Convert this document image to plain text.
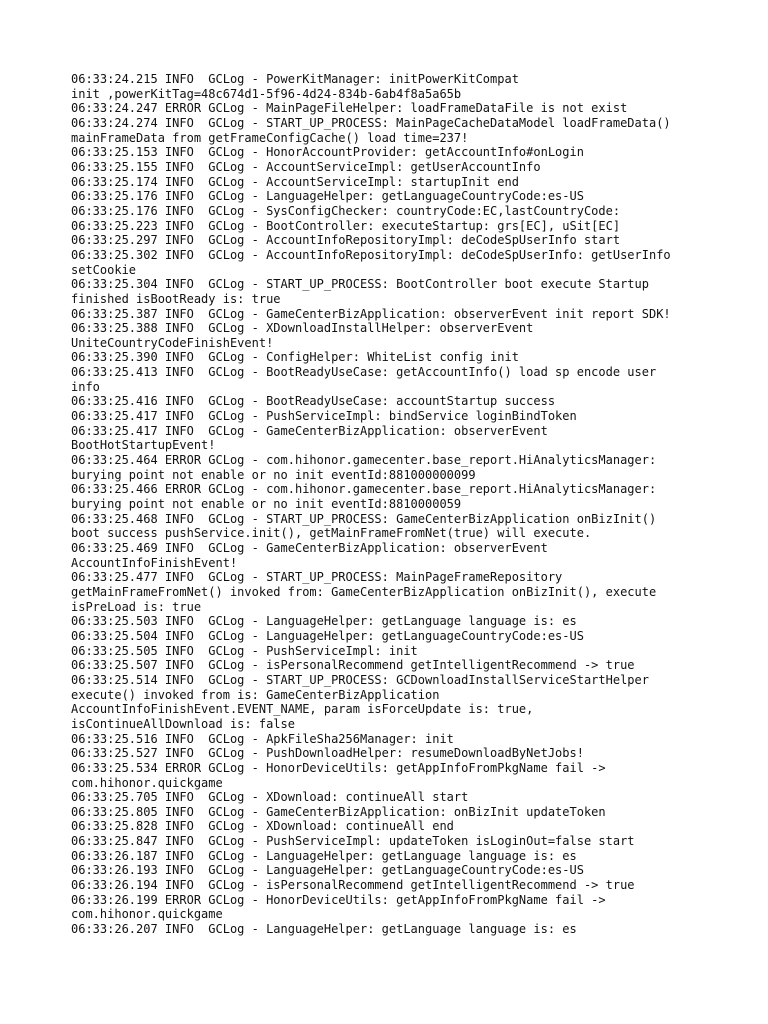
06:33:24.215 INFO  GCLog - PowerKitManager: initPowerKitCompat
init ,powerKitTag=48c674d1-5f96-4d24-834b-6ab4f8a5a65b
06:33:24.247 ERROR GCLog - MainPageFileHelper: loadFrameDataFile is not exist
06:33:24.274 INFO  GCLog - START_UP_PROCESS: MainPageCacheDataModel loadFrameData()
mainFrameData from getFrameConfigCache() load time=237!
06:33:25.153 INFO  GCLog - HonorAccountProvider: getAccountInfo#onLogin
06:33:25.155 INFO  GCLog - AccountServiceImpl: getUserAccountInfo
06:33:25.174 INFO  GCLog - AccountServiceImpl: startupInit end
06:33:25.176 INFO  GCLog - LanguageHelper: getLanguageCountryCode:es-US
06:33:25.176 INFO  GCLog - SysConfigChecker: countryCode:EC,lastCountryCode:
06:33:25.223 INFO  GCLog - BootController: executeStartup: grs[EC], uSit[EC]
06:33:25.297 INFO  GCLog - AccountInfoRepositoryImpl: deCodeSpUserInfo start
06:33:25.302 INFO  GCLog - AccountInfoRepositoryImpl: deCodeSpUserInfo: getUserInfo
setCookie
06:33:25.304 INFO  GCLog - START_UP_PROCESS: BootController boot execute Startup
finished isBootReady is: true
06:33:25.387 INFO  GCLog - GameCenterBizApplication: observerEvent init report SDK!
06:33:25.388 INFO  GCLog - XDownloadInstallHelper: observerEvent
UniteCountryCodeFinishEvent!
06:33:25.390 INFO  GCLog - ConfigHelper: WhiteList config init
06:33:25.413 INFO  GCLog - BootReadyUseCase: getAccountInfo() load sp encode user
info
06:33:25.416 INFO  GCLog - BootReadyUseCase: accountStartup success
06:33:25.417 INFO  GCLog - PushServiceImpl: bindService loginBindToken
06:33:25.417 INFO  GCLog - GameCenterBizApplication: observerEvent
BootHotStartupEvent!
06:33:25.464 ERROR GCLog - com.hihonor.gamecenter.base_report.HiAnalyticsManager:
burying point not enable or no init eventId:881000000099
06:33:25.466 ERROR GCLog - com.hihonor.gamecenter.base_report.HiAnalyticsManager:
burying point not enable or no init eventId:8810000059
06:33:25.468 INFO  GCLog - START_UP_PROCESS: GameCenterBizApplication onBizInit()
boot success pushService.init(), getMainFrameFromNet(true) will execute.
06:33:25.469 INFO  GCLog - GameCenterBizApplication: observerEvent
AccountInfoFinishEvent!
06:33:25.477 INFO  GCLog - START_UP_PROCESS: MainPageFrameRepository
getMainFrameFromNet() invoked from: GameCenterBizApplication onBizInit(), execute
isPreLoad is: true
06:33:25.503 INFO  GCLog - LanguageHelper: getLanguage language is: es
06:33:25.504 INFO  GCLog - LanguageHelper: getLanguageCountryCode:es-US
06:33:25.505 INFO  GCLog - PushServiceImpl: init
06:33:25.507 INFO  GCLog - isPersonalRecommend getIntelligentRecommend -> true
06:33:25.514 INFO  GCLog - START_UP_PROCESS: GCDownloadInstallServiceStartHelper
execute() invoked from is: GameCenterBizApplication
AccountInfoFinishEvent.EVENT_NAME, param isForceUpdate is: true,
isContinueAllDownload is: false
06:33:25.516 INFO  GCLog - ApkFileSha256Manager: init
06:33:25.527 INFO  GCLog - PushDownloadHelper: resumeDownloadByNetJobs!
06:33:25.534 ERROR GCLog - HonorDeviceUtils: getAppInfoFromPkgName fail ->
com.hihonor.quickgame
06:33:25.705 INFO  GCLog - XDownload: continueAll start
06:33:25.805 INFO  GCLog - GameCenterBizApplication: onBizInit updateToken
06:33:25.828 INFO  GCLog - XDownload: continueAll end
06:33:25.847 INFO  GCLog - PushServiceImpl: updateToken isLoginOut=false start
06:33:26.187 INFO  GCLog - LanguageHelper: getLanguage language is: es
06:33:26.193 INFO  GCLog - LanguageHelper: getLanguageCountryCode:es-US
06:33:26.194 INFO  GCLog - isPersonalRecommend getIntelligentRecommend -> true
06:33:26.199 ERROR GCLog - HonorDeviceUtils: getAppInfoFromPkgName fail ->
com.hihonor.quickgame
06:33:26.207 INFO  GCLog - LanguageHelper: getLanguage language is: es
